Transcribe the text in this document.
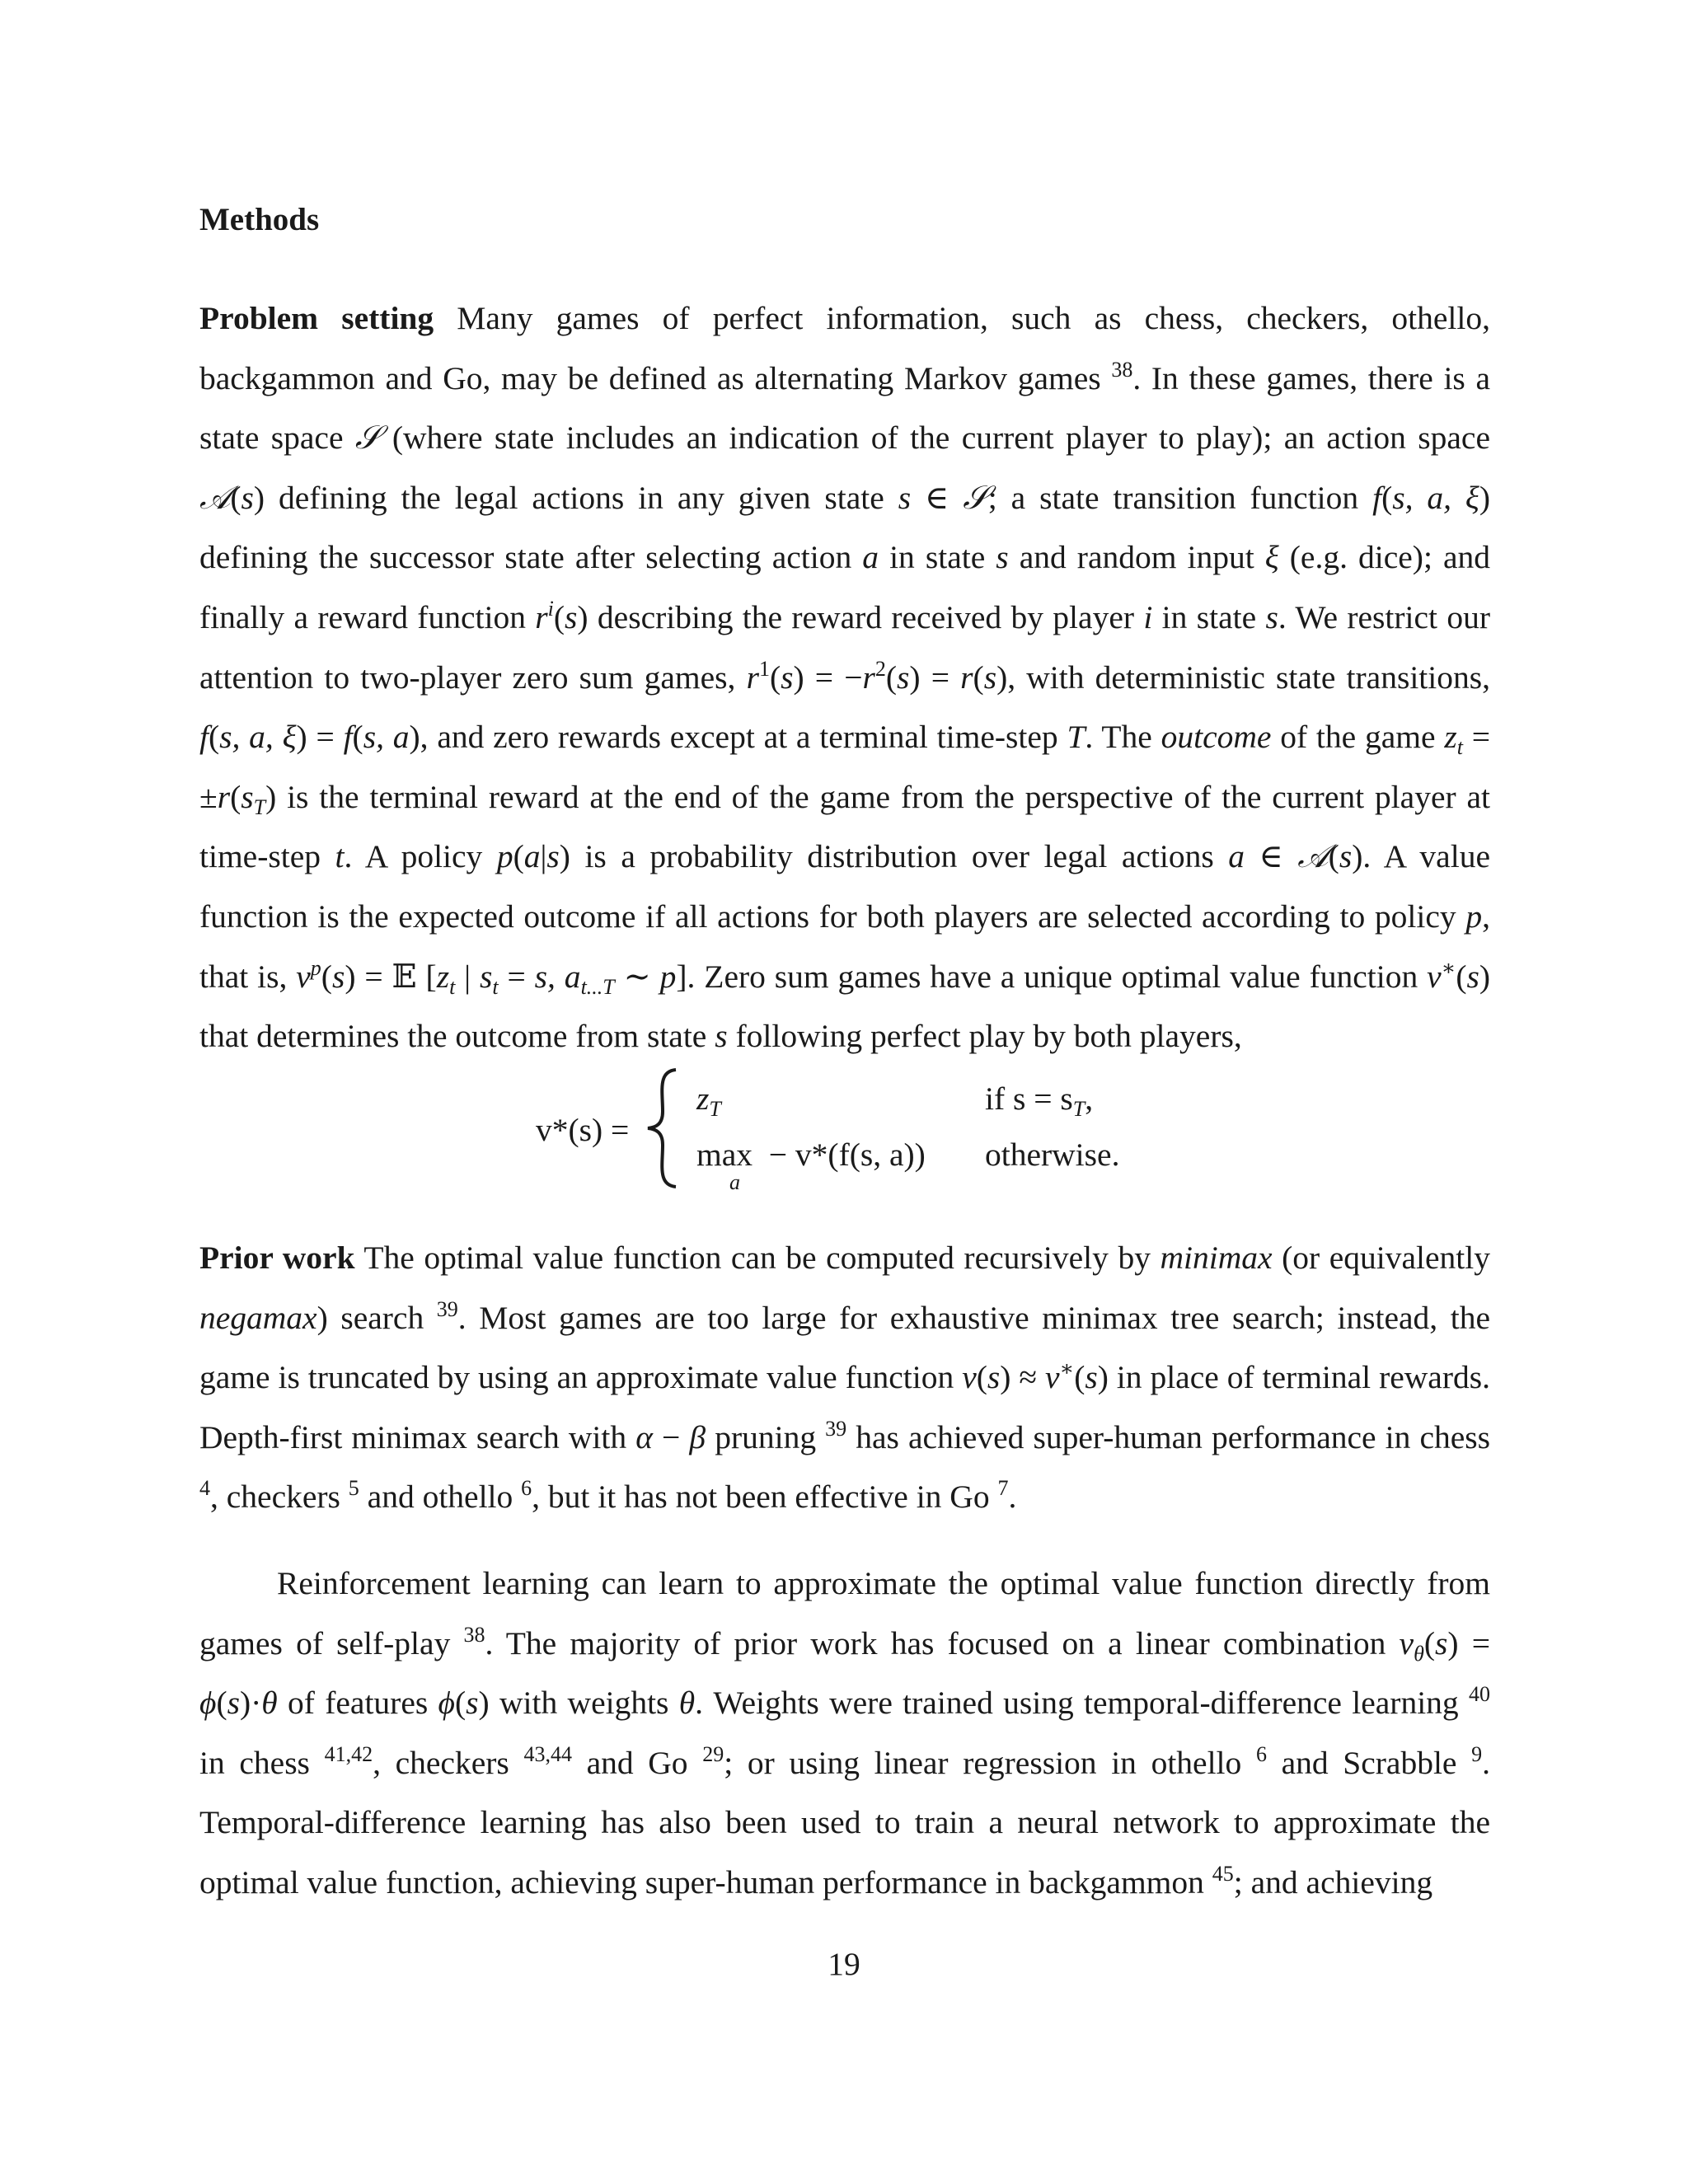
Methods

Problem setting Many games of perfect information, such as chess, checkers, othello, backgammon and Go, may be defined as alternating Markov games $^{38}$. In these games, there is a state space 𝒮 (where state includes an indication of the current player to play); an action space 𝒜(s) defining the legal actions in any given state s ∈ 𝒮; a state transition function f(s, a, ξ) defining the successor state after selecting action a in state s and random input ξ (e.g. dice); and finally a reward function $r^i(s)$ describing the reward received by player i in state s. We restrict our attention to two-player zero sum games, $r^1(s) = -r^2(s) = r(s)$, with deterministic state transitions, f(s, a, ξ) = f(s, a), and zero rewards except at a terminal time-step T. The outcome of the game $z_t = \pm r(s_T)$ is the terminal reward at the end of the game from the perspective of the current player at time-step t. A policy p(a|s) is a probability distribution over legal actions a ∈ 𝒜(s). A value function is the expected outcome if all actions for both players are selected according to policy p, that is, $v^p(s)$ = 𝔼 [$z_t$ | $s_t = s$, $a_{t...T}$ ∼ p]. Zero sum games have a unique optimal value function v∗(s) that determines the outcome from state s following perfect play by both players,

v*(s) =
$z_T$	if $s = s_T$,
max
a
− v*(f(s, a)) otherwise.

Prior work The optimal value function can be computed recursively by minimax (or equivalently negamax) search $^{39}$. Most games are too large for exhaustive minimax tree search; instead, the game is truncated by using an approximate value function v(s) ≈ v∗(s) in place of terminal rewards. Depth-first minimax search with α − β pruning $^{39}$ has achieved super-human performance in chess $^4$, checkers $^5$ and othello $^6$, but it has not been effective in Go $^7$.

Reinforcement learning can learn to approximate the optimal value function directly from games of self-play $^{38}$. The majority of prior work has focused on a linear combination $v_\theta(s) = \phi(s)\cdot\theta$ of features ϕ(s) with weights θ. Weights were trained using temporal-difference learning $^{40}$ in chess $^{41,42}$, checkers $^{43,44}$ and Go $^{29}$; or using linear regression in othello $^6$ and Scrabble $^9$. Temporal-difference learning has also been used to train a neural network to approximate the optimal value function, achieving super-human performance in backgammon $^{45}$; and achieving

19
